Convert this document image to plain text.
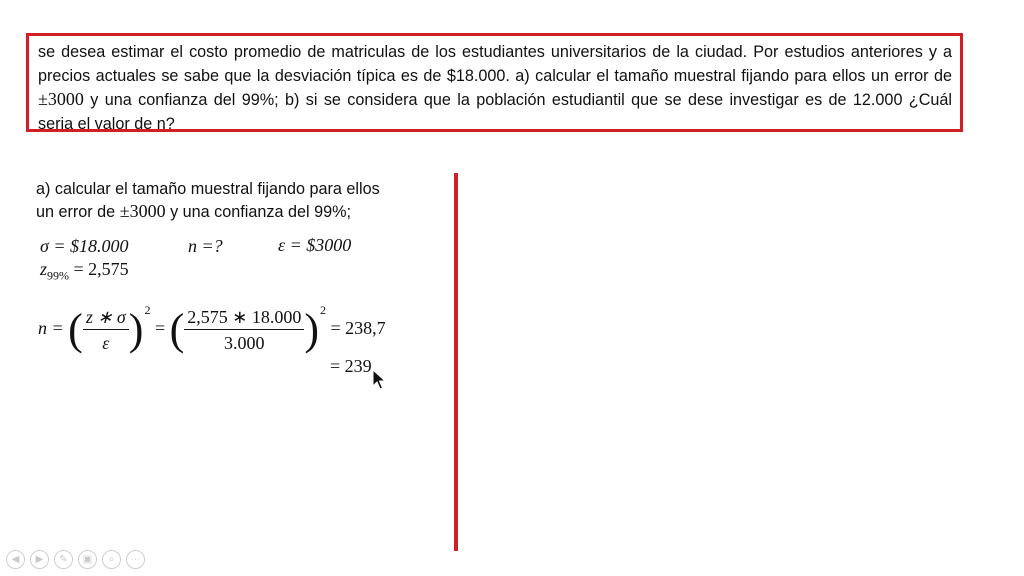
se desea estimar el costo promedio de matriculas de los estudiantes universitarios de la ciudad. Por estudios anteriores y a precios actuales se sabe que la desviación típica es de $18.000. a) calcular el tamaño muestral fijando para ellos un error de ±3000 y una confianza del 99%; b) si se considera que la población estudiantil que se dese investigar es de 12.000 ¿Cuál seria el valor de n?
a) calcular el tamaño muestral fijando para ellos
un error de ±3000 y una confianza del 99%;
σ = $18.000	n =?	ε = $3000
$z_{99\%} = 2,575$
n = ( $\frac{z ∗ \sigma}{\varepsilon} )^2$ = ( $\frac{2,575 ∗ 18.000}{3.000} )^2 = 238,7$
= 239
◀	▶	✎	▣	⌕	⋯
